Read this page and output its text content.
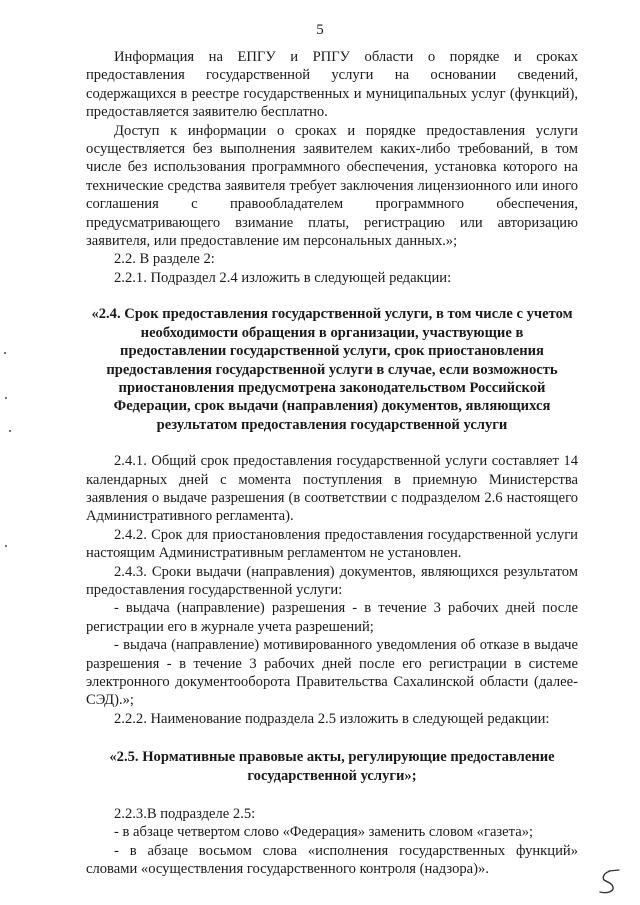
5

Информация на ЕПГУ и РПГУ области о порядке и сроках предоставления государственной услуги на основании сведений, содержащихся в реестре государственных и муниципальных услуг (функций), предоставляется заявителю бесплатно.

Доступ к информации о сроках и порядке предоставления услуги осуществляется без выполнения заявителем каких-либо требований, в том числе без использования программного обеспечения, установка которого на технические средства заявителя требует заключения лицензионного или иного соглашения с правообладателем программного обеспечения, предусматривающего взимание платы, регистрацию или авторизацию заявителя, или предоставление им персональных данных.»;

2.2. В разделе 2:

2.2.1. Подраздел 2.4 изложить в следующей редакции:

«2.4. Срок предоставления государственной услуги, в том числе с учетом необходимости обращения в организации, участвующие в предоставлении государственной услуги, срок приостановления предоставления государственной услуги в случае, если возможность приостановления предусмотрена законодательством Российской Федерации, срок выдачи (направления) документов, являющихся результатом предоставления государственной услуги

2.4.1. Общий срок предоставления государственной услуги составляет 14 календарных дней с момента поступления в приемную Министерства заявления о выдаче разрешения (в соответствии с подразделом 2.6 настоящего Административного регламента).

2.4.2. Срок для приостановления предоставления государственной услуги настоящим Административным регламентом не установлен.

2.4.3. Сроки выдачи (направления) документов, являющихся результатом предоставления государственной услуги:

- выдача (направление) разрешения - в течение 3 рабочих дней после регистрации его в журнале учета разрешений;

- выдача (направление) мотивированного уведомления об отказе в выдаче разрешения - в течение 3 рабочих дней после его регистрации в системе электронного документооборота Правительства Сахалинской области (далее-СЭД).»;

2.2.2. Наименование подраздела 2.5 изложить в следующей редакции:

«2.5. Нормативные правовые акты, регулирующие предоставление государственной услуги»;

2.2.3.В подразделе 2.5:

- в абзаце четвертом слово «Федерация» заменить словом «газета»;

- в абзаце восьмом слова «исполнения государственных функций» словами «осуществления государственного контроля (надзора)».
